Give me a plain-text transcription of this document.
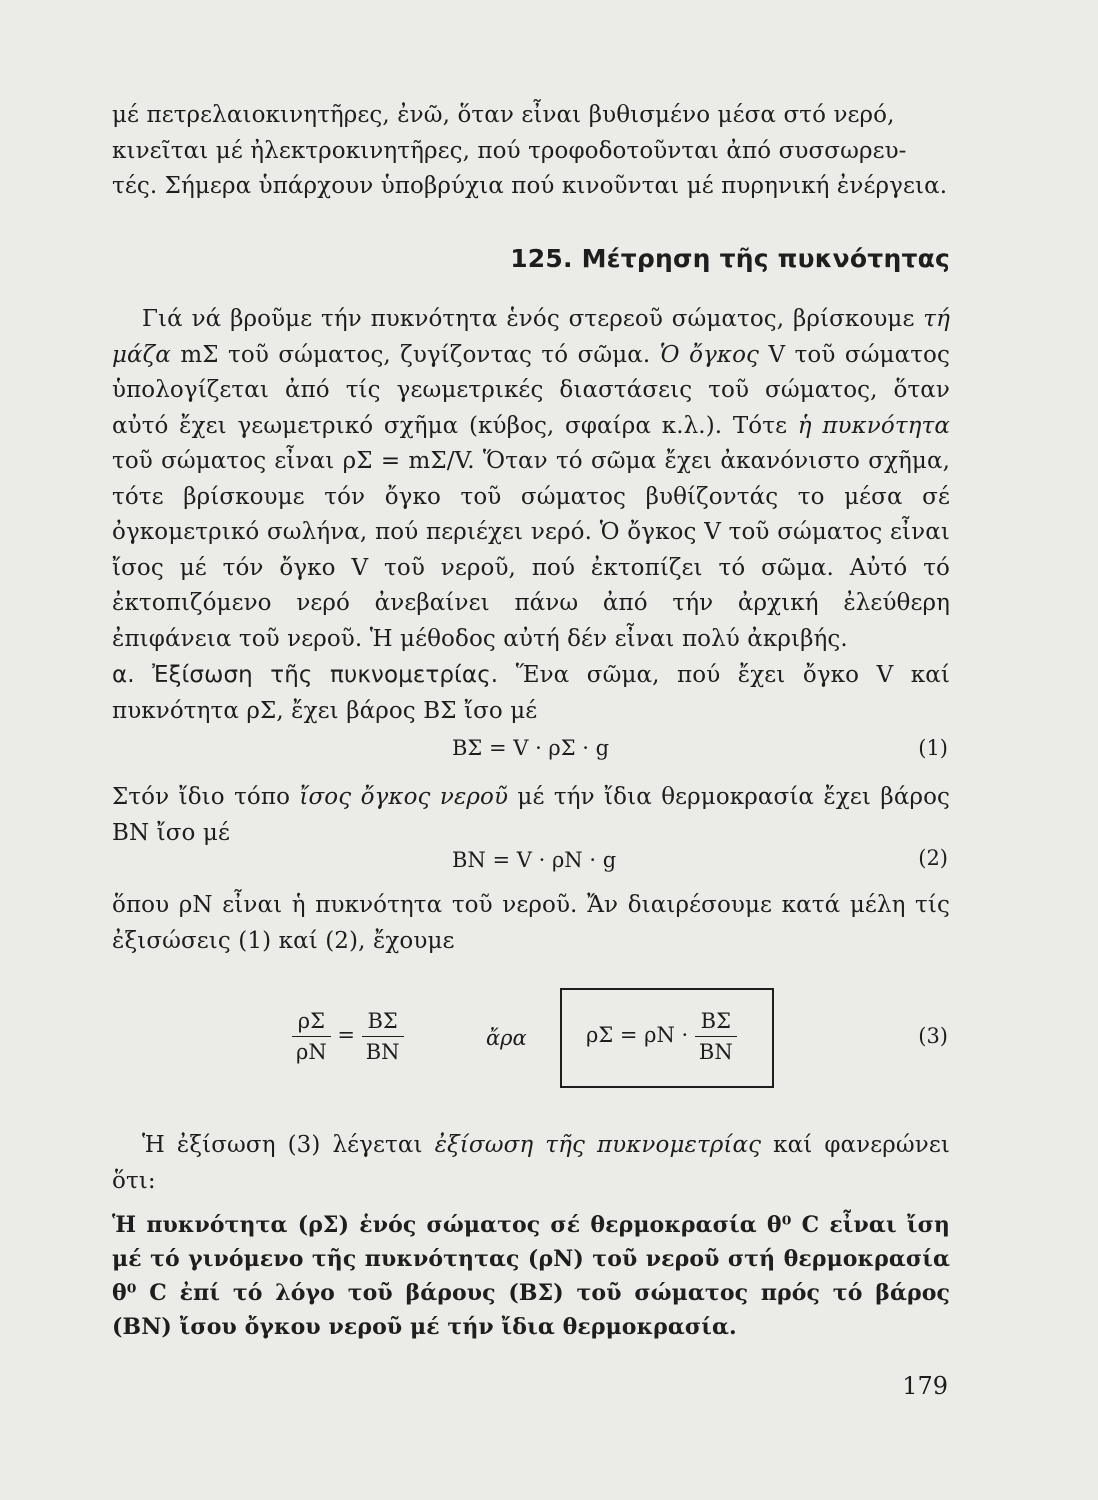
μέ πετρελαιοκινητῆρες, ἐνῶ, ὅταν εἶναι βυθισμένο μέσα στό νερό,
κινεῖται μέ ἠλεκτροκινητῆρες, πού τροφοδοτοῦνται ἀπό συσσωρευ-
τές. Σήμερα ὑπάρχουν ὑποβρύχια πού κινοῦνται μέ πυρηνική ἐνέργεια.
125. Μέτρηση τῆς πυκνότητας
Γιά νά βροῦμε τήν πυκνότητα ἑνός στερεοῦ σώματος, βρίσκουμε τή μάζα mΣ τοῦ σώματος, ζυγίζοντας τό σῶμα. Ὁ ὄγκος V τοῦ σώματος ὑπολογίζεται ἀπό τίς γεωμετρικές διαστάσεις τοῦ σώματος, ὅταν αὐτό ἔχει γεωμετρικό σχῆμα (κύβος, σφαίρα κ.λ.). Τότε ἡ πυκνότητα τοῦ σώματος εἶναι ρΣ = mΣ/V. Ὅταν τό σῶμα ἔχει ἀκανόνιστο σχῆμα, τότε βρίσκουμε τόν ὄγκο τοῦ σώματος βυθίζοντάς το μέσα σέ ὀγκομετρικό σωλήνα, πού περιέχει νερό. Ὁ ὄγκος V τοῦ σώματος εἶναι ἴσος μέ τόν ὄγκο V τοῦ νεροῦ, πού ἐκτοπίζει τό σῶμα. Αὐτό τό ἐκτοπιζόμενο νερό ἀνεβαίνει πάνω ἀπό τήν ἀρχική ἐλεύθερη ἐπιφάνεια τοῦ νεροῦ. Ἡ μέθοδος αὐτή δέν εἶναι πολύ ἀκριβής.
α. Ἐξίσωση τῆς πυκνομετρίας. Ἕνα σῶμα, πού ἔχει ὄγκο V καί πυκνότητα ρΣ, ἔχει βάρος BΣ ἴσο μέ
BΣ = V · ρΣ · g	(1)
Στόν ἴδιο τόπο ἴσος ὄγκος νεροῦ μέ τήν ἴδια θερμοκρασία ἔχει βάρος BN ἴσο μέ
BN = V · ρN · g	(2)
ὅπου ρN εἶναι ἡ πυκνότητα τοῦ νεροῦ. Ἄν διαιρέσουμε κατά μέλη τίς ἐξισώσεις (1) καί (2), ἔχουμε
$\frac{\rho\Sigma}{\rho N} = \frac{B\Sigma}{BN}$	ἄρα	$\rho\Sigma = \rho N \cdot \frac{B\Sigma}{BN}$	(3)
Ἡ ἐξίσωση (3) λέγεται ἐξίσωση τῆς πυκνομετρίας καί φανερώνει ὅτι:
Ἡ πυκνότητα (ρΣ) ἑνός σώματος σέ θερμοκρασία θ⁰ C εἶναι ἴση μέ τό γινόμενο τῆς πυκνότητας (ρN) τοῦ νεροῦ στή θερμοκρασία θ⁰ C ἐπί τό λόγο τοῦ βάρους (BΣ) τοῦ σώματος πρός τό βάρος (BN) ἴσου ὄγκου νεροῦ μέ τήν ἴδια θερμοκρασία.
179
